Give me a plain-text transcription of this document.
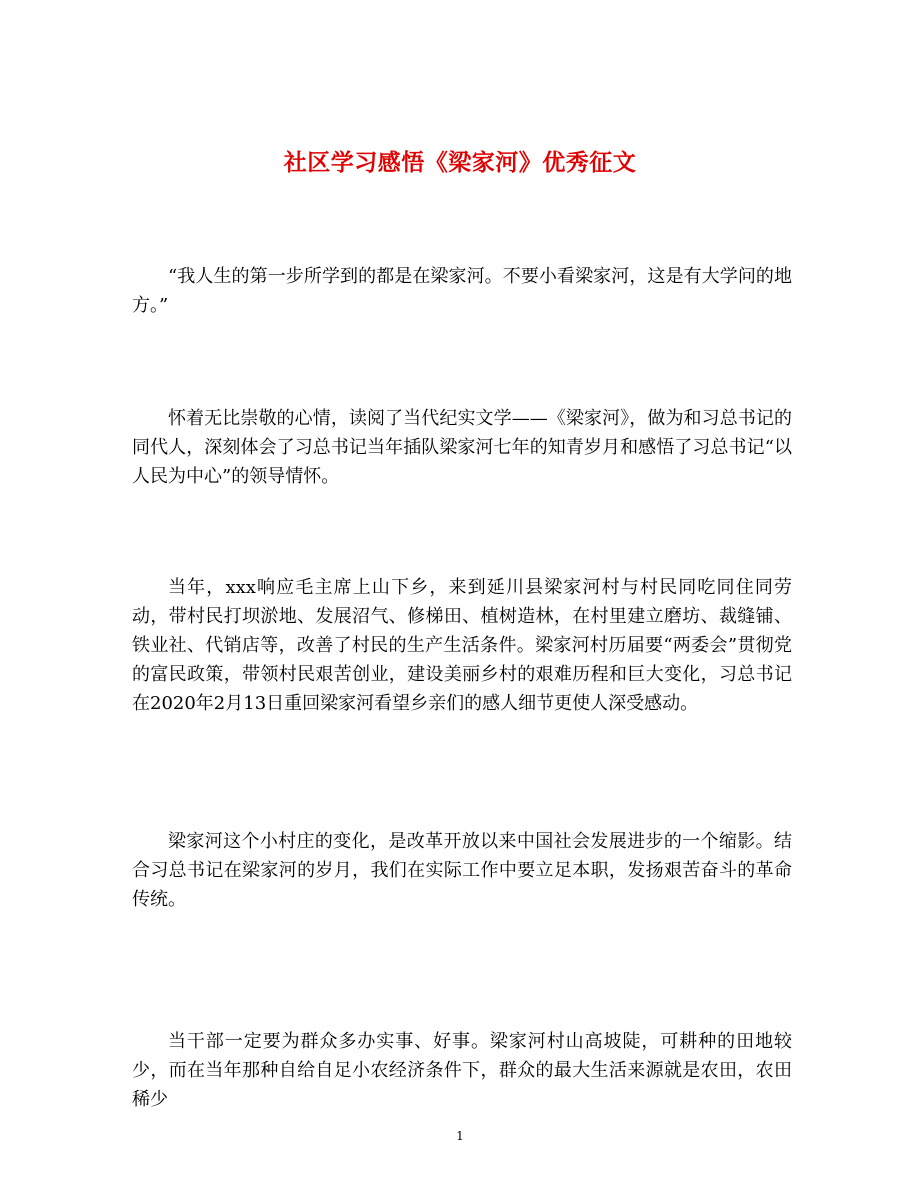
社区学习感悟《梁家河》优秀征文

“我人生的第一步所学到的都是在梁家河。不要小看梁家河，这是有大学问的地方。”

怀着无比崇敬的心情，读阅了当代纪实文学——《梁家河》，做为和习总书记的同代人，深刻体会了习总书记当年插队梁家河七年的知青岁月和感悟了习总书记“以人民为中心”的领导情怀。

当年，xxx响应毛主席上山下乡，来到延川县梁家河村与村民同吃同住同劳动，带村民打坝淤地、发展沼气、修梯田、植树造林，在村里建立磨坊、裁缝铺、铁业社、代销店等，改善了村民的生产生活条件。梁家河村历届要“两委会”贯彻党的富民政策，带领村民艰苦创业，建设美丽乡村的艰难历程和巨大变化，习总书记在2020年2月13日重回梁家河看望乡亲们的感人细节更使人深受感动。

梁家河这个小村庄的变化，是改革开放以来中国社会发展进步的一个缩影。结合习总书记在梁家河的岁月，我们在实际工作中要立足本职，发扬艰苦奋斗的革命传统。

当干部一定要为群众多办实事、好事。梁家河村山高坡陡，可耕种的田地较少，而在当年那种自给自足小农经济条件下，群众的最大生活来源就是农田，农田稀少

1
